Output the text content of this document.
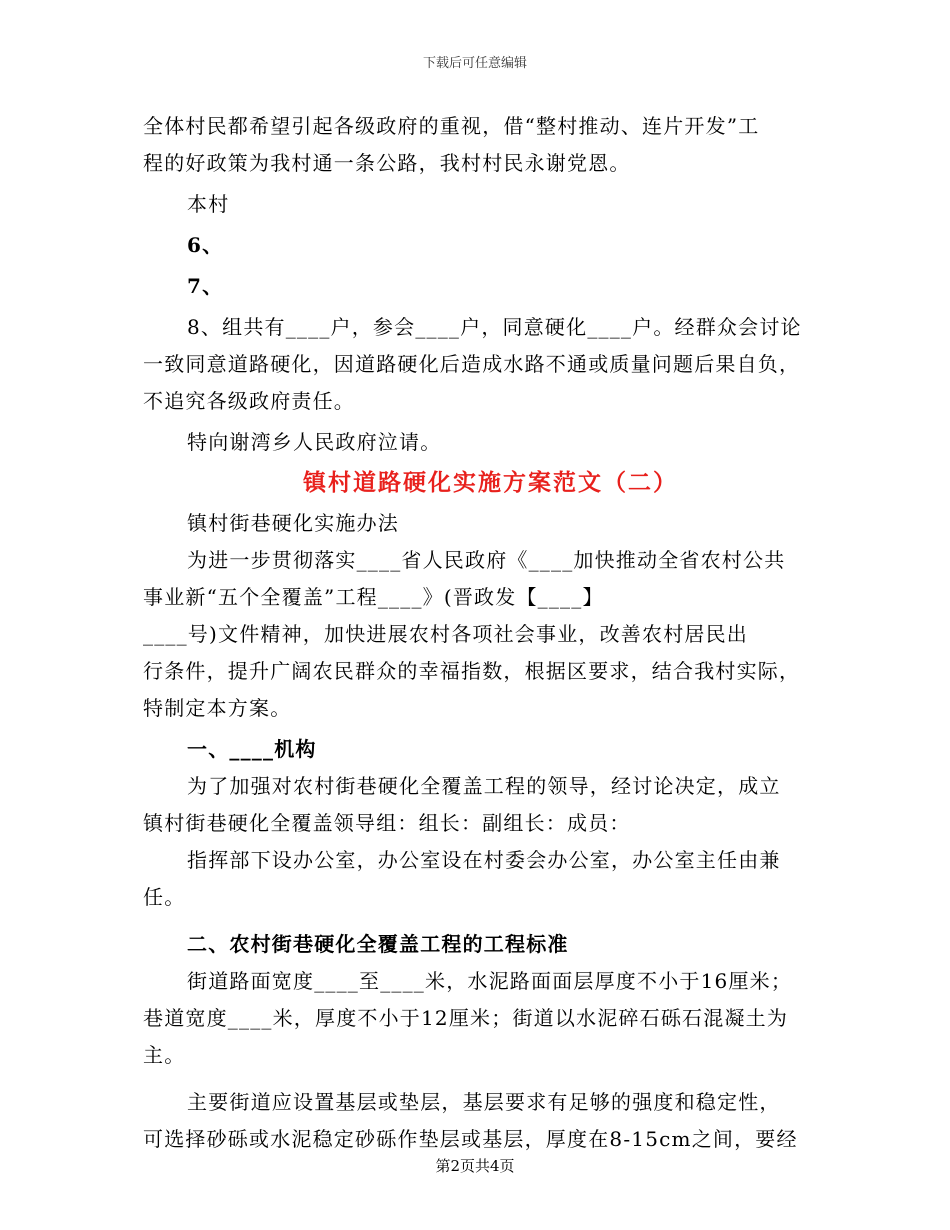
下载后可任意编辑
全体村民都希望引起各级政府的重视，借“整村推动、连片开发”工
程的好政策为我村通一条公路，我村村民永谢党恩。
本村
6、
7、
8、组共有____户，参会____户，同意硬化____户。经群众会讨论
一致同意道路硬化，因道路硬化后造成水路不通或质量问题后果自负，
不追究各级政府责任。
特向谢湾乡人民政府泣请。
镇村道路硬化实施方案范文（二）
镇村街巷硬化实施办法
为进一步贯彻落实____省人民政府《____加快推动全省农村公共
事业新“五个全覆盖”工程____》(晋政发【____】
____号)文件精神，加快进展农村各项社会事业，改善农村居民出
行条件，提升广阔农民群众的幸福指数，根据区要求，结合我村实际，
特制定本方案。
一、____机构
为了加强对农村街巷硬化全覆盖工程的领导，经讨论决定，成立
镇村街巷硬化全覆盖领导组：组长：副组长：成员：
指挥部下设办公室，办公室设在村委会办公室，办公室主任由兼
任。
二、农村街巷硬化全覆盖工程的工程标准
街道路面宽度____至____米，水泥路面面层厚度不小于16厘米；
巷道宽度____米，厚度不小于12厘米；街道以水泥碎石砾石混凝土为
主。
主要街道应设置基层或垫层，基层要求有足够的强度和稳定性，
可选择砂砾或水泥稳定砂砾作垫层或基层，厚度在8-15cm之间，要经
第2页共4页
